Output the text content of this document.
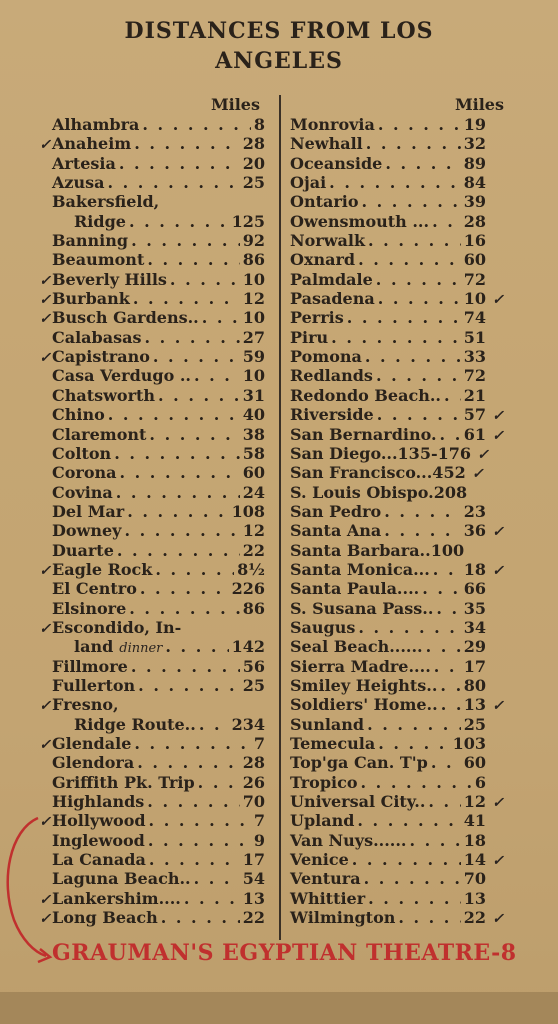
DISTANCES FROM LOS ANGELES
Miles
Alhambra . . .	8
✓ Anaheim . . .	28
Artesia . . .	20
Azusa . . .	25
Bakersfield,
Ridge . . .	125
Banning . . .	92
Beaumont . . .	86
✓ Beverly Hills . . .	10
✓ Burbank . . .	12
✓ Busch Gardens.. . . .	10
Calabasas . . .	27
✓ Capistrano . . .	59
Casa Verdugo .. . . .	10
Chatsworth . . .	31
Chino . . .	40
Claremont . . .	38
Colton . . .	58
Corona . . .	60
Covina . . .	24
Del Mar . . .	108
Downey . . .	12
Duarte . . .	22
✓ Eagle Rock . . .	8½
El Centro . . .	226
Elsinore . . .	86
✓ Escondido, In-
land dinner . . .	142
Fillmore . . .	56
Fullerton . . .	25
✓ Fresno,
Ridge Route.. . . . 234
✓ Glendale . . .	7
Glendora . . .	28
Griffith Pk. Trip . . .	26
Highlands . . .	70
✓ Hollywood . . .	7
Inglewood . . .	9
La Canada . . .	17
Laguna Beach.. . . .	54
✓ Lankershim.... . . .	13
✓ Long Beach . . .	22
Miles
Monrovia . . .	19
Newhall . . .	32
Oceanside . . .	89
Ojai . . .	84
Ontario . . .	39
Owensmouth ... . . . 28
Norwalk . . .	16
Oxnard . . .	60
Palmdale . . .	72
Pasadena . . .	10 ✓
Perris . . .	74
Piru . . .	51
Pomona . . .	33
Redlands . . .	72
Redondo Beach.. . . . 21
Riverside . . .	57 ✓
San Bernardino. . . . 61 ✓
San Diego...135-176 ✓
San Francisco...452 ✓
S. Louis Obispo.208
San Pedro . . .	23
Santa Ana . . .	36 ✓
Santa Barbara..100
Santa Monica... . . . 18 ✓
Santa Paula.... . . .	66
S. Susana Pass.. . . . 35
Saugus . . .	34
Seal Beach...... . . .	29
Sierra Madre.... . . . 17
Smiley Heights.. . . . 80
Soldiers' Home.. . . . 13 ✓
Sunland . . .	25
Temecula . . .	103
Top'ga Can. T'p . . . 60
Tropico . . .	6
Universal City.. . . . 12 ✓
Upland . . .	41
Van Nuys...... . . .	18
Venice . . .	14 ✓
Ventura . . .	70
Whittier . . .	13
Wilmington . . .	22 ✓
GRAUMAN'S EGYPTIAN THEATRE-8
